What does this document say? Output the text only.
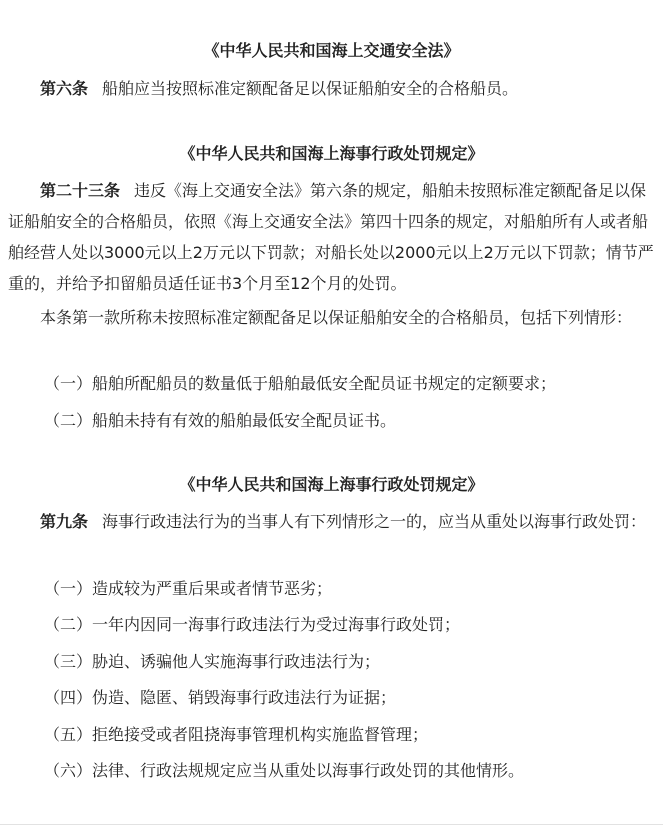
《中华人民共和国海上交通安全法》
第六条 船舶应当按照标准定额配备足以保证船舶安全的合格船员。
《中华人民共和国海上海事行政处罚规定》
第二十三条 违反《海上交通安全法》第六条的规定，船舶未按照标准定额配备足以保证船舶安全的合格船员，依照《海上交通安全法》第四十四条的规定，对船舶所有人或者船舶经营人处以3000元以上2万元以下罚款；对船长处以2000元以上2万元以下罚款；情节严重的，并给予扣留船员适任证书3个月至12个月的处罚。
本条第一款所称未按照标准定额配备足以保证船舶安全的合格船员，包括下列情形：
（一）船舶所配船员的数量低于船舶最低安全配员证书规定的定额要求；
（二）船舶未持有有效的船舶最低安全配员证书。
《中华人民共和国海上海事行政处罚规定》
第九条 海事行政违法行为的当事人有下列情形之一的，应当从重处以海事行政处罚：
（一）造成较为严重后果或者情节恶劣；
（二）一年内因同一海事行政违法行为受过海事行政处罚；
（三）胁迫、诱骗他人实施海事行政违法行为；
（四）伪造、隐匿、销毁海事行政违法行为证据；
（五）拒绝接受或者阻挠海事管理机构实施监督管理；
（六）法律、行政法规规定应当从重处以海事行政处罚的其他情形。
